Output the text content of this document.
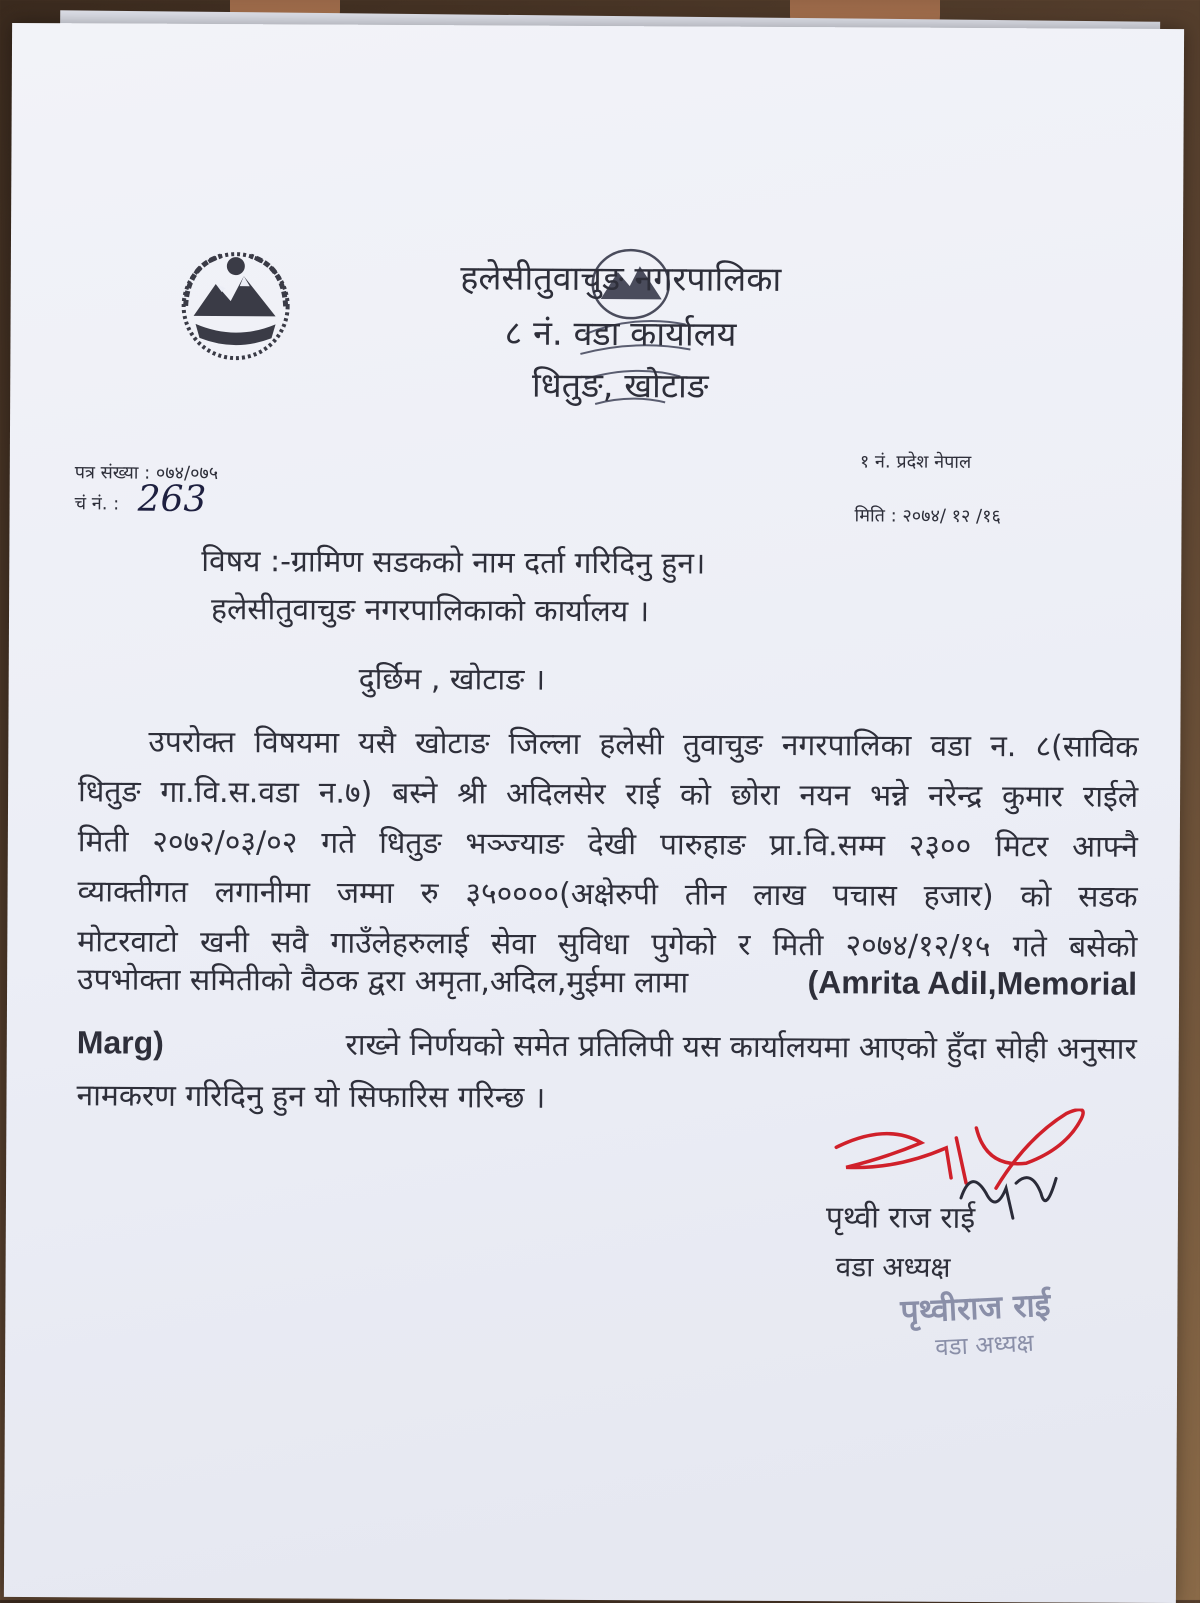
हलेसीतुवाचुङ नगरपालिका
८ नं. वडा कार्यालय
धितुङ, खोटाङ
पत्र संख्या : ०७४/०७५
चं नं. : 263
१ नं. प्रदेश नेपाल
मिति : २०७४/ १२ /१६
विषय :-ग्रामिण सडकको नाम दर्ता गरिदिनु हुन।
हलेसीतुवाचुङ नगरपालिकाको कार्यालय ।
दुर्छिम , खोटाङ ।
उपरोक्त विषयमा यसै खोटाङ जिल्ला हलेसी तुवाचुङ नगरपालिका वडा न. ८(साविक
धितुङ गा.वि.स.वडा न.७) बस्ने श्री अदिलसेर राई को छोरा नयन भन्ने नरेन्द्र कुमार राईले
मिती २०७२/०३/०२ गते धितुङ भञ्ज्याङ देखी पारुहाङ प्रा.वि.सम्म २३०० मिटर आफ्नै
व्याक्तीगत लगानीमा जम्मा रु ३५००००(अक्षेरुपी तीन लाख पचास हजार) को सडक
मोटरवाटो खनी सवै गाउँलेहरुलाई सेवा सुविधा पुगेको र मिती २०७४/१२/१५ गते बसेको
उपभोक्ता समितीको वैठक द्वरा अमृता,अदिल,मुईमा लामा	(Amrita Adil,Memorial
Marg)	राख्ने निर्णयको समेत प्रतिलिपी यस कार्यालयमा आएको हुँदा सोही अनुसार
नामकरण गरिदिनु हुन यो सिफारिस गरिन्छ ।
पृथ्वी राज राई
वडा अध्यक्ष
पृथ्वीराज राई
वडा अध्यक्ष
